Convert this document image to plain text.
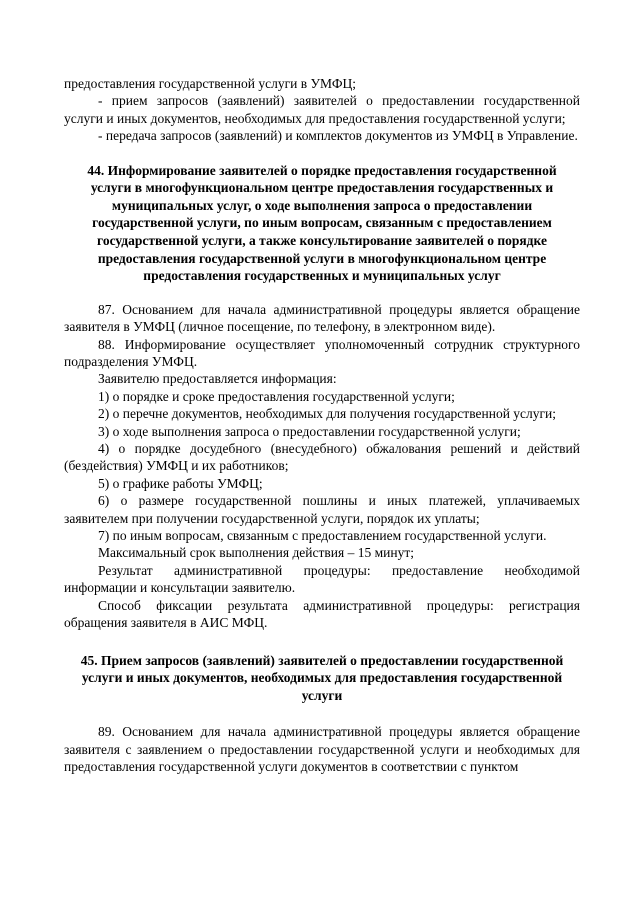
предоставления государственной услуги в УМФЦ;

- прием запросов (заявлений) заявителей о предоставлении государственной услуги и иных документов, необходимых для предоставления государственной услуги;

- передача запросов (заявлений) и комплектов документов из УМФЦ в Управление.

44. Информирование заявителей о порядке предоставления государственной услуги в многофункциональном центре предоставления государственных и муниципальных услуг, о ходе выполнения запроса о предоставлении государственной услуги, по иным вопросам, связанным с предоставлением государственной услуги, а также консультирование заявителей о порядке предоставления государственной услуги в многофункциональном центре предоставления государственных и муниципальных услуг

87. Основанием для начала административной процедуры является обращение заявителя в УМФЦ (личное посещение, по телефону, в электронном виде).

88. Информирование осуществляет уполномоченный сотрудник структурного подразделения УМФЦ.

Заявителю предоставляется информация:

1) о порядке и сроке предоставления государственной услуги;

2) о перечне документов, необходимых для получения государственной услуги;

3) о ходе выполнения запроса о предоставлении государственной услуги;

4) о порядке досудебного (внесудебного) обжалования решений и действий (бездействия) УМФЦ и их работников;

5) о графике работы УМФЦ;

6) о размере государственной пошлины и иных платежей, уплачиваемых заявителем при получении государственной услуги, порядок их уплаты;

7) по иным вопросам, связанным с предоставлением государственной услуги.

Максимальный срок выполнения действия – 15 минут;

Результат административной процедуры: предоставление необходимой информации и консультации заявителю.

Способ фиксации результата административной процедуры: регистрация обращения заявителя в АИС МФЦ.

45. Прием запросов (заявлений) заявителей о предоставлении государственной услуги и иных документов, необходимых для предоставления государственной услуги

89. Основанием для начала административной процедуры является обращение заявителя с заявлением о предоставлении государственной услуги и необходимых для предоставления государственной услуги документов в соответствии с пунктом
